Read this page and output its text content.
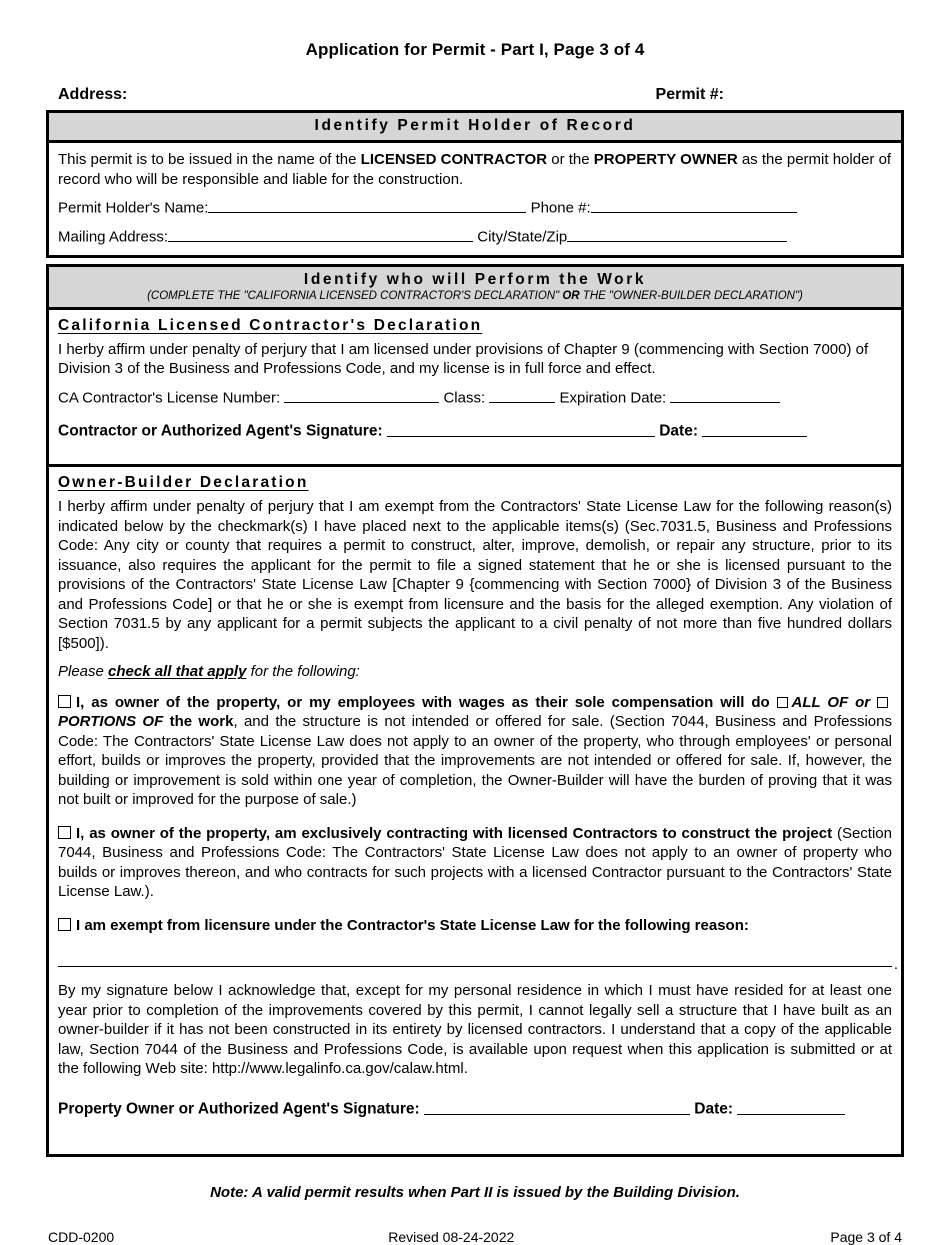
Application for Permit - Part I, Page 3 of 4
Address:	Permit #:
Identify Permit Holder of Record

This permit is to be issued in the name of the LICENSED CONTRACTOR or the PROPERTY OWNER as the permit holder of record who will be responsible and liable for the construction.

Permit Holder's Name:	Phone #:

Mailing Address:	City/State/Zip

Identify who will Perform the Work
(COMPLETE THE "CALIFORNIA LICENSED CONTRACTOR'S DECLARATION" OR THE "OWNER-BUILDER DECLARATION")
California Licensed Contractor's Declaration

I herby affirm under penalty of perjury that I am licensed under provisions of Chapter 9 (commencing with Section 7000) of Division 3 of the Business and Professions Code, and my license is in full force and effect.

CA Contractor's License Number:	Class:	Expiration Date:

Contractor or Authorized Agent's Signature:	Date:

Owner-Builder Declaration

I herby affirm under penalty of perjury that I am exempt from the Contractors' State License Law for the following reason(s) indicated below by the checkmark(s) I have placed next to the applicable items(s) (Sec.7031.5, Business and Professions Code: Any city or county that requires a permit to construct, alter, improve, demolish, or repair any structure, prior to its issuance, also requires the applicant for the permit to file a signed statement that he or she is licensed pursuant to the provisions of the Contractors' State License Law [Chapter 9 {commencing with Section 7000} of Division 3 of the Business and Professions Code] or that he or she is exempt from licensure and the basis for the alleged exemption. Any violation of Section 7031.5 by any applicant for a permit subjects the applicant to a civil penalty of not more than five hundred dollars [$500]).

Please check all that apply for the following:

I, as owner of the property, or my employees with wages as their sole compensation will do ALL OF or PORTIONS OF the work, and the structure is not intended or offered for sale. (Section 7044, Business and Professions Code: The Contractors' State License Law does not apply to an owner of the property, who through employees' or personal effort, builds or improves the property, provided that the improvements are not intended or offered for sale. If, however, the building or improvement is sold within one year of completion, the Owner-Builder will have the burden of proving that it was not built or improved for the purpose of sale.)

I, as owner of the property, am exclusively contracting with licensed Contractors to construct the project (Section 7044, Business and Professions Code: The Contractors' State License Law does not apply to an owner of property who builds or improves thereon, and who contracts for such projects with a licensed Contractor pursuant to the Contractors' State License Law.).

I am exempt from licensure under the Contractor's State License Law for the following reason:

.

By my signature below I acknowledge that, except for my personal residence in which I must have resided for at least one year prior to completion of the improvements covered by this permit, I cannot legally sell a structure that I have built as an owner-builder if it has not been constructed in its entirety by licensed contractors. I understand that a copy of the applicable law, Section 7044 of the Business and Professions Code, is available upon request when this application is submitted or at the following Web site: http://www.legalinfo.ca.gov/calaw.html.

Property Owner or Authorized Agent's Signature:	Date:

Note: A valid permit results when Part II is issued by the Building Division.
CDD-0200	Revised 08-24-2022	Page 3 of 4
